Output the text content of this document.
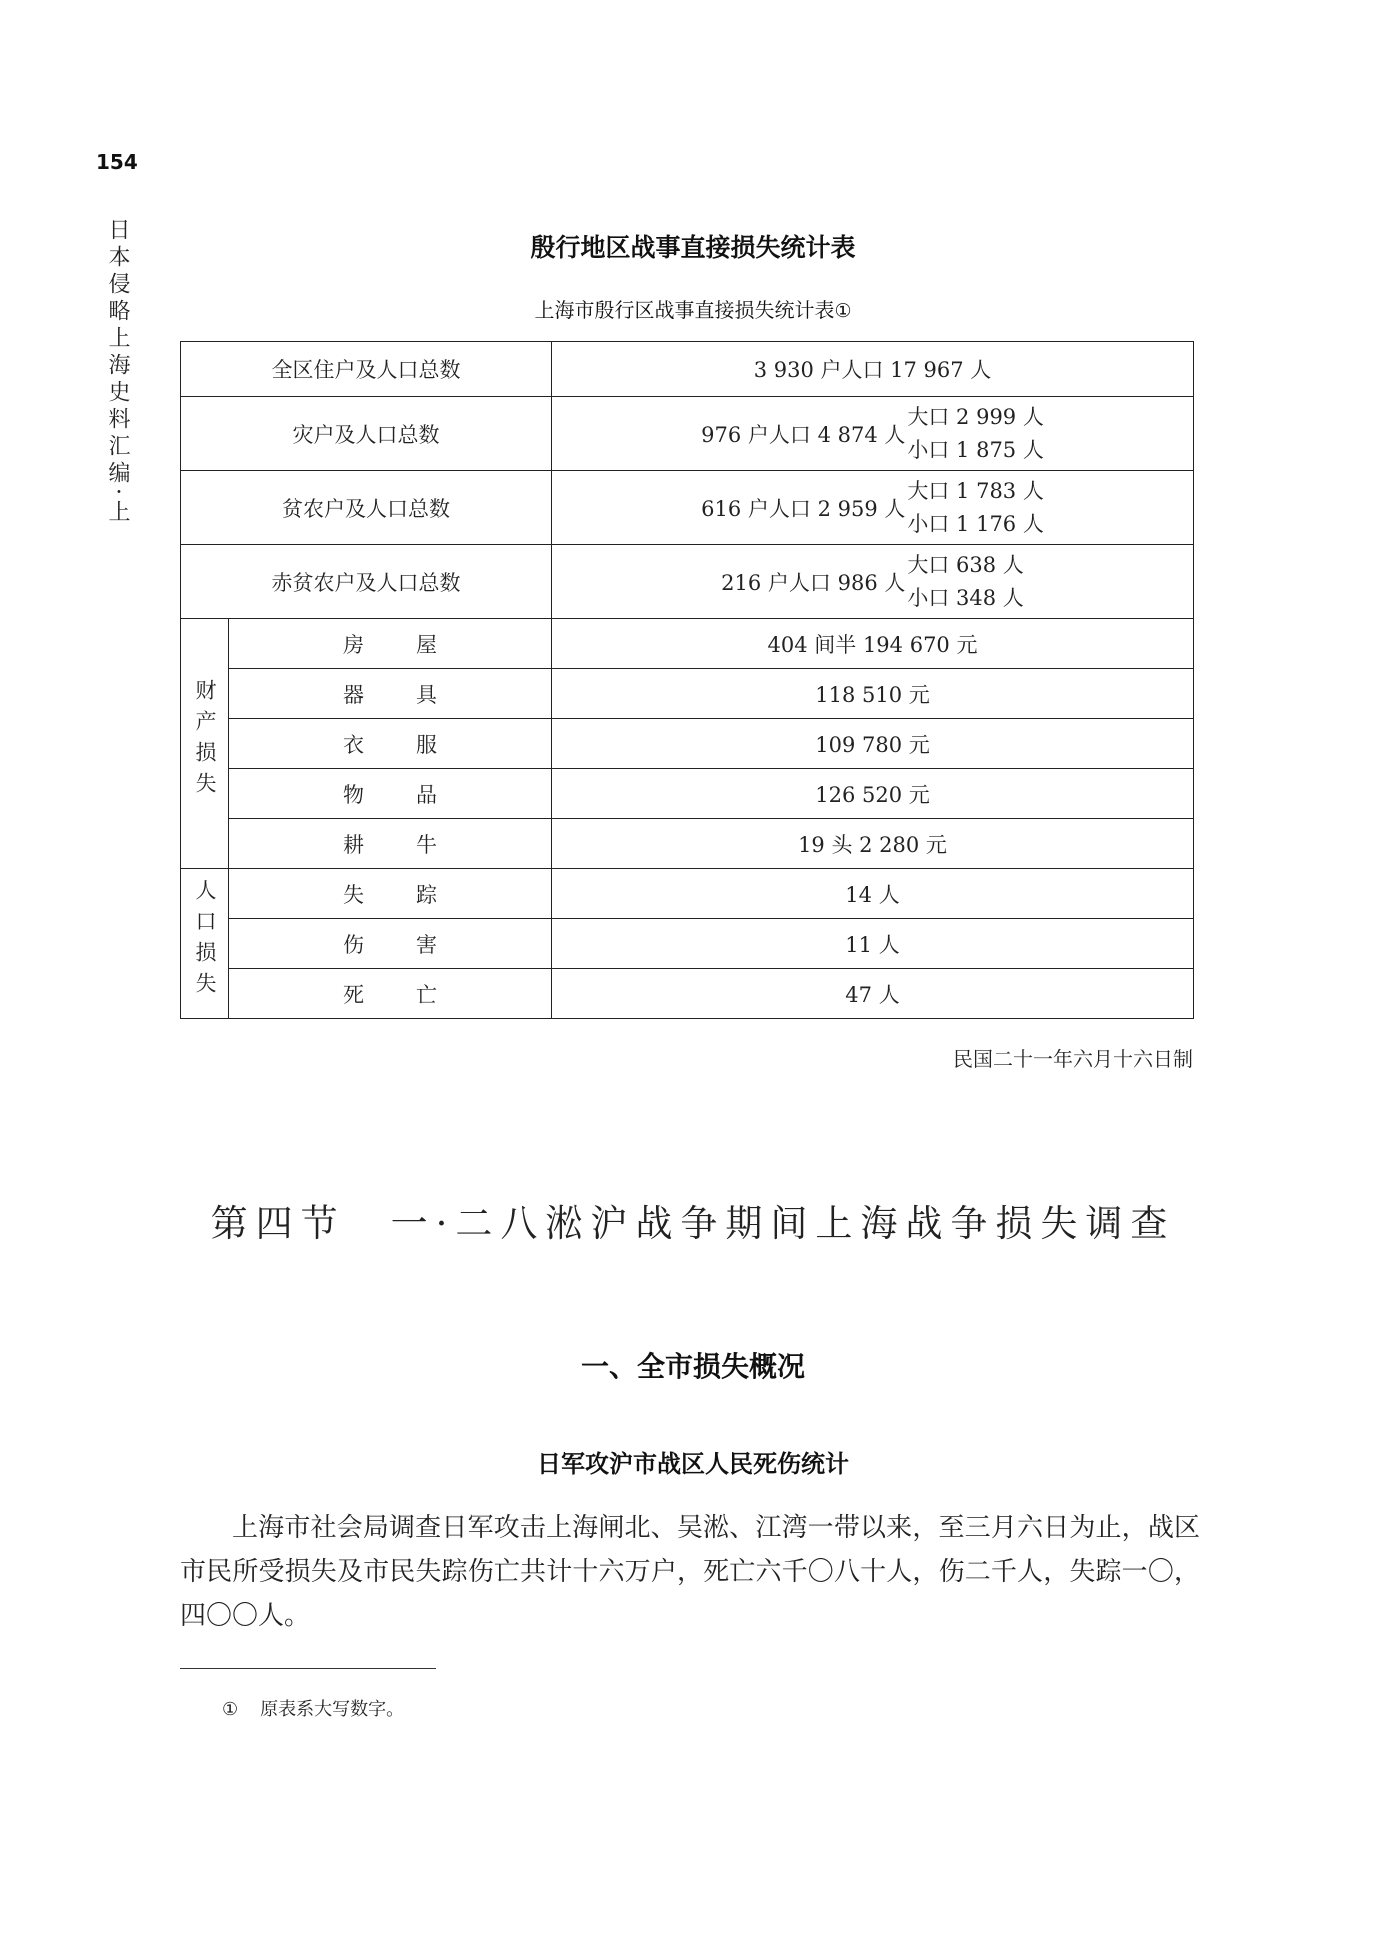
154
日本侵略上海史料汇编·上	殷行地区战事直接损失统计表
上海市殷行区战事直接损失统计表①
全区住户及人口总数		3 930 户人口 17 967 人
灾户及人口总数		976 户人口 4 874 人
大口 2 999 人
小口 1 875 人

贫农户及人口总数		616 户人口 2 959 人
大口 1 783 人
小口 1 176 人

赤贫农户及人口总数		216 户人口 986 人
大口 638 人
小口 348 人

财产损失	房屋	404 间半 194 670 元
	器具	118 510 元
	衣服	109 780 元
	物品	126 520 元
	耕牛	19 头 2 280 元
人口损失	失踪	14 人
	伤害	11 人
	死亡	47 人
民国二十一年六月十六日制
第四节　一·二八淞沪战争期间上海战争损失调查
一、全市损失概况
日军攻沪市战区人民死伤统计

上海市社会局调查日军攻击上海闸北、吴淞、江湾一带以来，至三月六日为止，战区市民所受损失及市民失踪伤亡共计十六万户，死亡六千〇八十人，伤二千人，失踪一〇，四〇〇人。

① 原表系大写数字。
